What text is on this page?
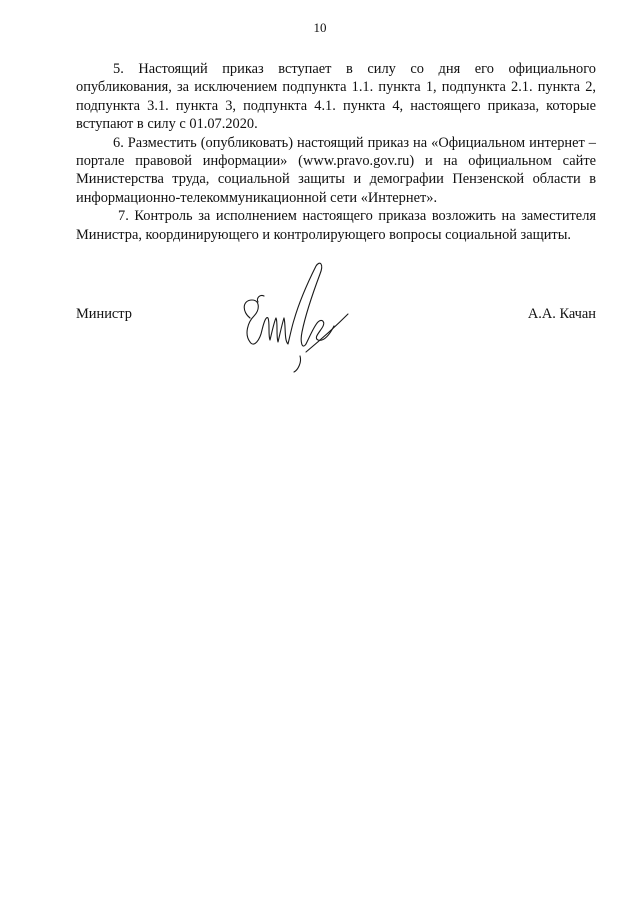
10

5. Настоящий приказ вступает в силу со дня его официального опубликования, за исключением подпункта 1.1. пункта 1, подпункта 2.1. пункта 2, подпункта 3.1. пункта 3, подпункта 4.1. пункта 4, настоящего приказа, которые вступают в силу с 01.07.2020.

6. Разместить (опубликовать) настоящий приказ на «Официальном интернет – портале правовой информации» (www.pravo.gov.ru) и на официальном сайте Министерства труда, социальной защиты и демографии Пензенской области в информационно-телекоммуникационной сети «Интернет».

7. Контроль за исполнением настоящего приказа возложить на заместителя Министра, координирующего и контролирующего вопросы социальной защиты.

Министр	А.А. Качан
